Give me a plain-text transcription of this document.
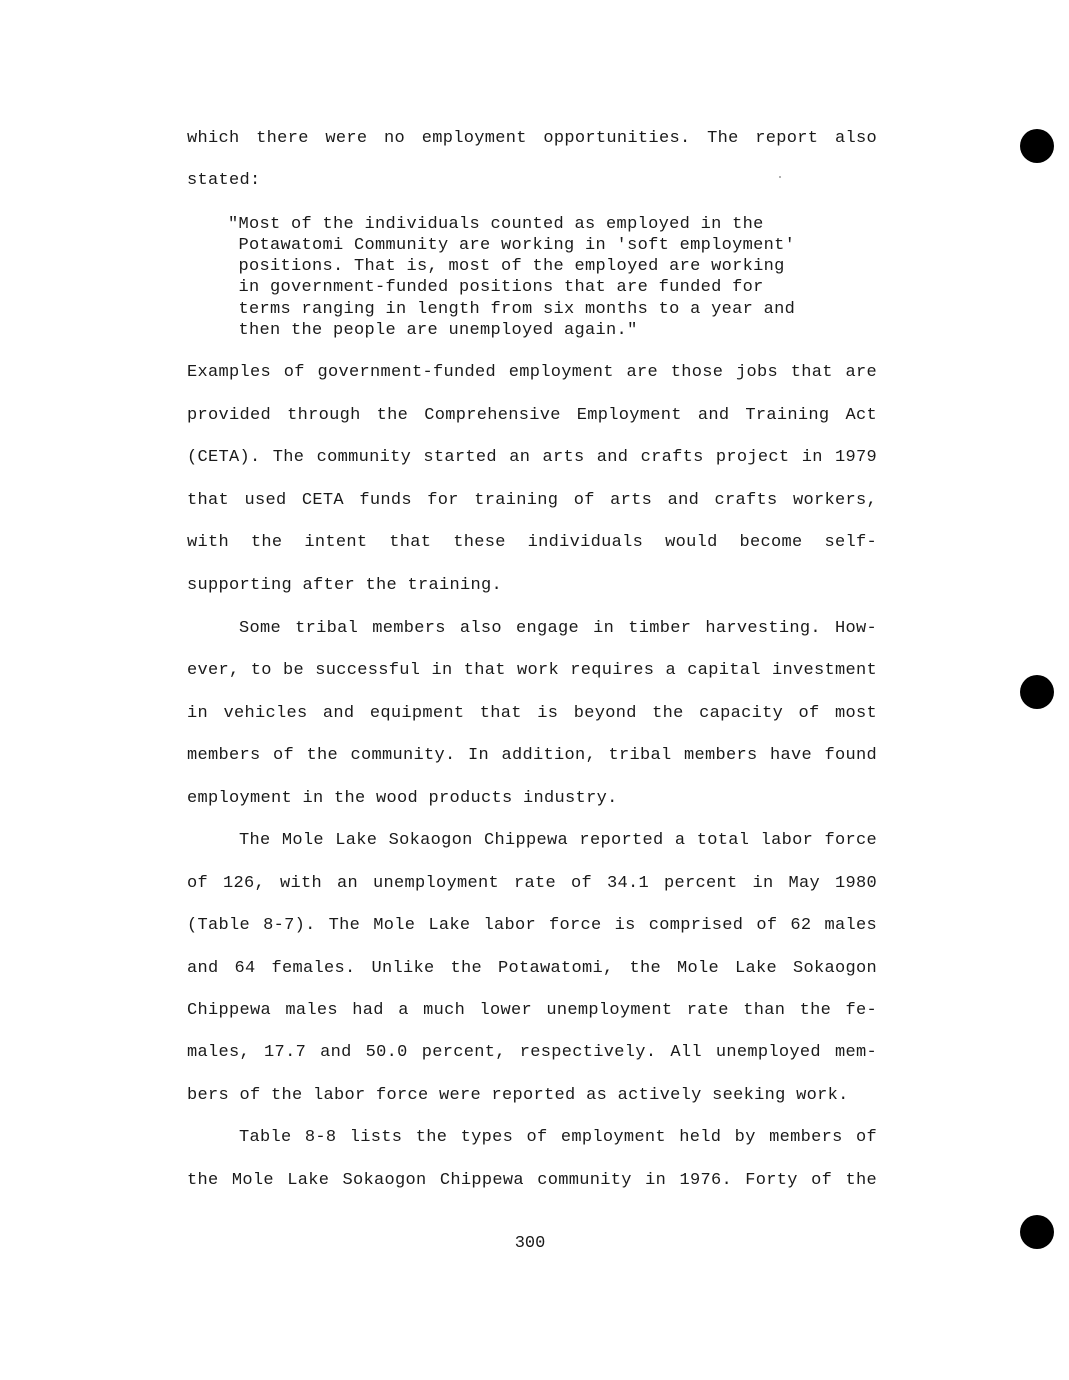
which there were no employment opportunities. The report also
stated:
"Most of the individuals counted as employed in the
Potawatomi Community are working in 'soft employment'
positions. That is, most of the employed are working
in government-funded positions that are funded for
terms ranging in length from six months to a year and
then the people are unemployed again."
Examples of government-funded employment are those jobs that are
provided through the Comprehensive Employment and Training Act
(CETA). The community started an arts and crafts project in 1979
that used CETA funds for training of arts and crafts workers,
with the intent that these individuals would become self-
supporting after the training.
Some tribal members also engage in timber harvesting. How-
ever, to be successful in that work requires a capital investment
in vehicles and equipment that is beyond the capacity of most
members of the community. In addition, tribal members have found
employment in the wood products industry.
The Mole Lake Sokaogon Chippewa reported a total labor force
of 126, with an unemployment rate of 34.1 percent in May 1980
(Table 8-7). The Mole Lake labor force is comprised of 62 males
and 64 females. Unlike the Potawatomi, the Mole Lake Sokaogon
Chippewa males had a much lower unemployment rate than the fe-
males, 17.7 and 50.0 percent, respectively. All unemployed mem-
bers of the labor force were reported as actively seeking work.
Table 8-8 lists the types of employment held by members of
the Mole Lake Sokaogon Chippewa community in 1976. Forty of the
300
